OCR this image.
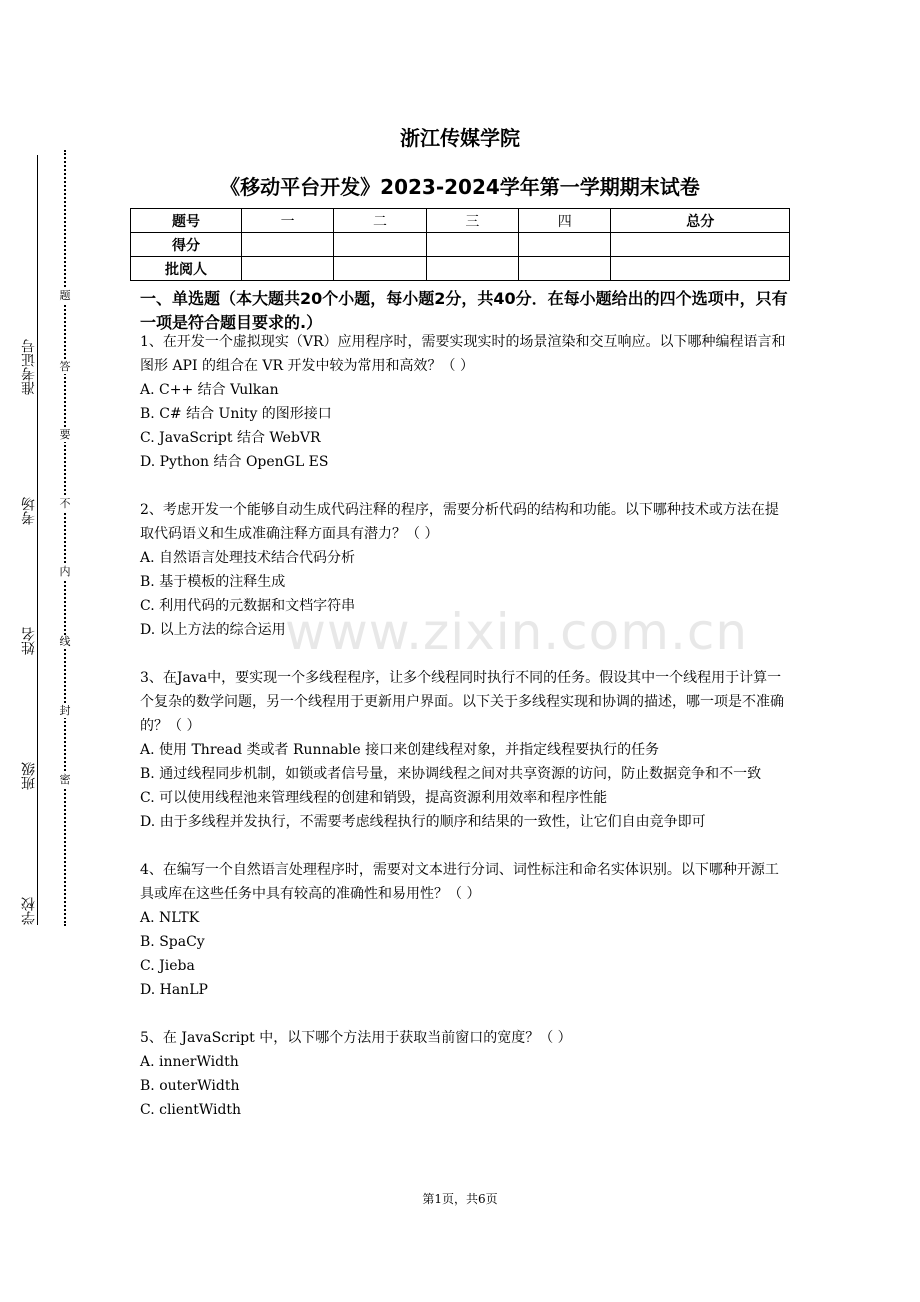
准考证号
考场
姓名
班级
学校
题
答
要
不
内
线
封
密
www.zixin.com.cn
浙江传媒学院
《移动平台开发》2023-2024学年第一学期期末试卷
题号	一	二	三	四	总分
得分					
批阅人					
一、单选题（本大题共20个小题，每小题2分，共40分．在每小题给出的四个选项中，只有一项是符合题目要求的.）

1、在开发一个虚拟现实（VR）应用程序时，需要实现实时的场景渲染和交互响应。以下哪种编程语言和图形 API 的组合在 VR 开发中较为常用和高效？（ ）

A. C++ 结合 Vulkan

B. C# 结合 Unity 的图形接口

C. JavaScript 结合 WebVR

D. Python 结合 OpenGL ES

2、考虑开发一个能够自动生成代码注释的程序，需要分析代码的结构和功能。以下哪种技术或方法在提取代码语义和生成准确注释方面具有潜力？（ ）

A. 自然语言处理技术结合代码分析

B. 基于模板的注释生成

C. 利用代码的元数据和文档字符串

D. 以上方法的综合运用

3、在Java中，要实现一个多线程程序，让多个线程同时执行不同的任务。假设其中一个线程用于计算一个复杂的数学问题，另一个线程用于更新用户界面。以下关于多线程实现和协调的描述，哪一项是不准确的？（ ）

A. 使用 Thread 类或者 Runnable 接口来创建线程对象，并指定线程要执行的任务

B. 通过线程同步机制，如锁或者信号量，来协调线程之间对共享资源的访问，防止数据竞争和不一致

C. 可以使用线程池来管理线程的创建和销毁，提高资源利用效率和程序性能

D. 由于多线程并发执行，不需要考虑线程执行的顺序和结果的一致性，让它们自由竞争即可

4、在编写一个自然语言处理程序时，需要对文本进行分词、词性标注和命名实体识别。以下哪种开源工具或库在这些任务中具有较高的准确性和易用性？（ ）

A. NLTK

B. SpaCy

C. Jieba

D. HanLP

5、在 JavaScript 中，以下哪个方法用于获取当前窗口的宽度？（ ）

A. innerWidth

B. outerWidth

C. clientWidth

第1页，共6页
